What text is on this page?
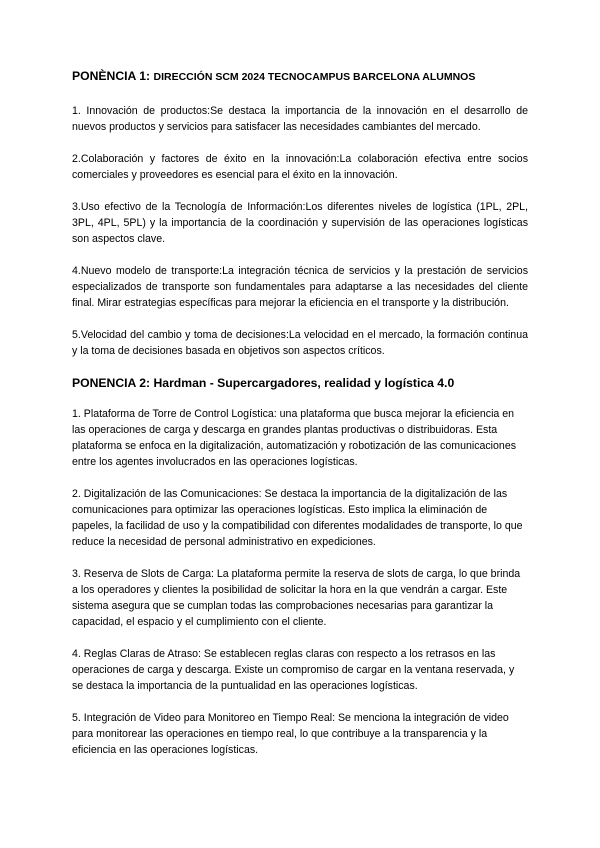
PONÈNCIA 1: DIRECCIÓN SCM 2024 TECNOCAMPUS BARCELONA ALUMNOS

1. Innovación de productos:Se destaca la importancia de la innovación en el desarrollo de nuevos productos y servicios para satisfacer las necesidades cambiantes del mercado.

2.Colaboración y factores de éxito en la innovación:La colaboración efectiva entre socios comerciales y proveedores es esencial para el éxito en la innovación.

3.Uso efectivo de la Tecnología de Información:Los diferentes niveles de logística (1PL, 2PL, 3PL, 4PL, 5PL) y la importancia de la coordinación y supervisión de las operaciones logísticas son aspectos clave.

4.Nuevo modelo de transporte:La integración técnica de servicios y la prestación de servicios especializados de transporte son fundamentales para adaptarse a las necesidades del cliente final. Mirar estrategias específicas para mejorar la eficiencia en el transporte y la distribución.

5.Velocidad del cambio y toma de decisiones:La velocidad en el mercado, la formación continua y la toma de decisiones basada en objetivos son aspectos críticos.

PONENCIA 2: Hardman - Supercargadores, realidad y logística 4.0

1. Plataforma de Torre de Control Logística: una plataforma que busca mejorar la eficiencia en las operaciones de carga y descarga en grandes plantas productivas o distribuidoras. Esta plataforma se enfoca en la digitalización, automatización y robotización de las comunicaciones entre los agentes involucrados en las operaciones logísticas.

2. Digitalización de las Comunicaciones: Se destaca la importancia de la digitalización de las comunicaciones para optimizar las operaciones logísticas. Esto implica la eliminación de papeles, la facilidad de uso y la compatibilidad con diferentes modalidades de transporte, lo que reduce la necesidad de personal administrativo en expediciones.

3. Reserva de Slots de Carga: La plataforma permite la reserva de slots de carga, lo que brinda a los operadores y clientes la posibilidad de solicitar la hora en la que vendrán a cargar. Este sistema asegura que se cumplan todas las comprobaciones necesarias para garantizar la capacidad, el espacio y el cumplimiento con el cliente.

4. Reglas Claras de Atraso: Se establecen reglas claras con respecto a los retrasos en las operaciones de carga y descarga. Existe un compromiso de cargar en la ventana reservada, y se destaca la importancia de la puntualidad en las operaciones logísticas.

5. Integración de Video para Monitoreo en Tiempo Real: Se menciona la integración de video para monitorear las operaciones en tiempo real, lo que contribuye a la transparencia y la eficiencia en las operaciones logísticas.
